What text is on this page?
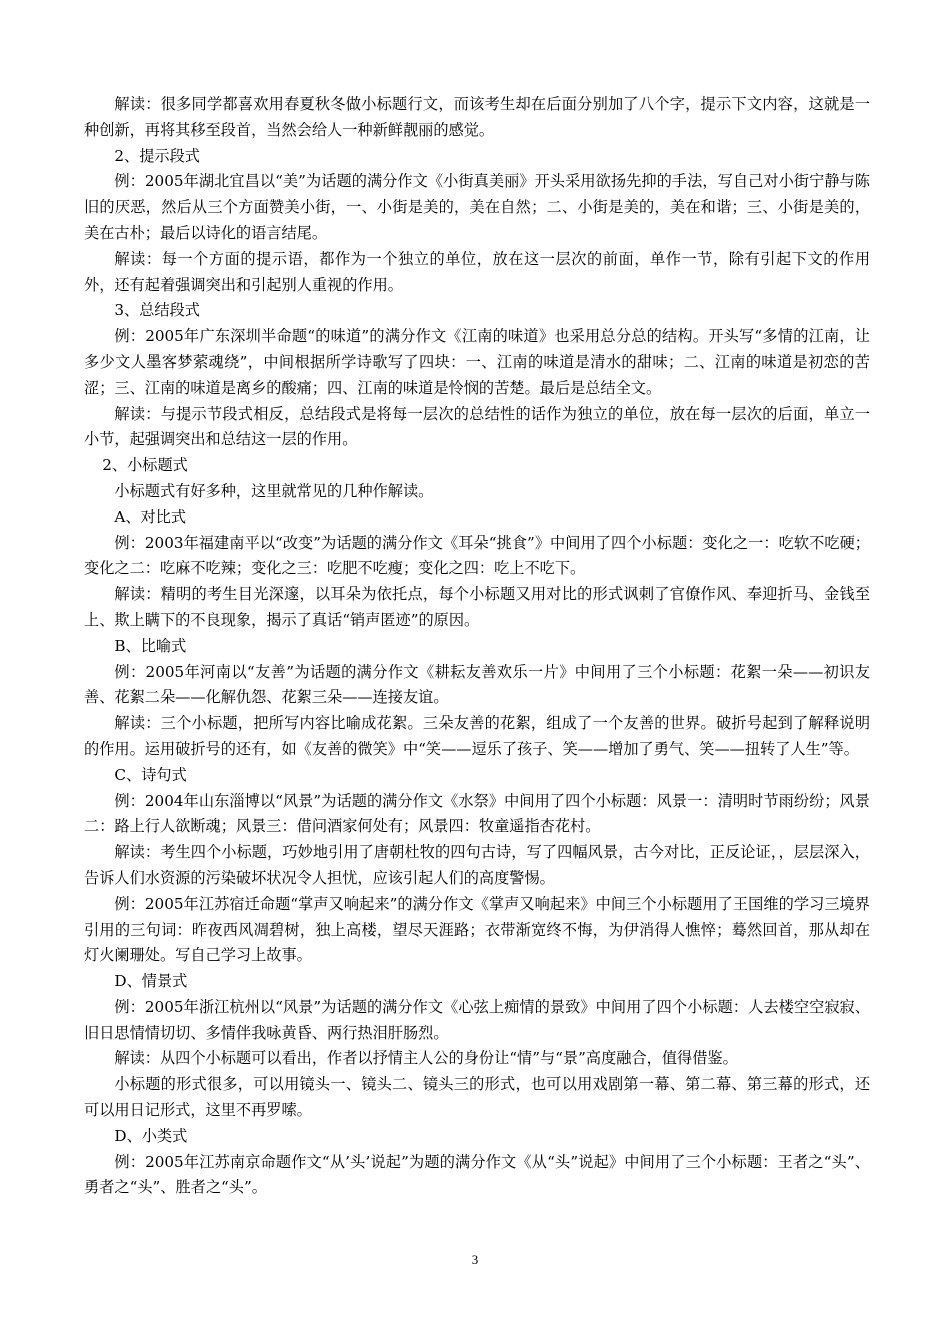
解读：很多同学都喜欢用春夏秋冬做小标题行文，而该考生却在后面分别加了八个字，提示下文内容，这就是一种创新，再将其移至段首，当然会给人一种新鲜靓丽的感觉。

2、提示段式

例：2005年湖北宜昌以“美”为话题的满分作文《小街真美丽》开头采用欲扬先抑的手法，写自己对小街宁静与陈旧的厌恶，然后从三个方面赞美小街，一、小街是美的，美在自然；二、小街是美的，美在和谐；三、小街是美的，美在古朴；最后以诗化的语言结尾。

解读：每一个方面的提示语，都作为一个独立的单位，放在这一层次的前面，单作一节，除有引起下文的作用外，还有起着强调突出和引起别人重视的作用。

3、总结段式

例：2005年广东深圳半命题“的味道”的满分作文《江南的味道》也采用总分总的结构。开头写“多情的江南，让多少文人墨客梦萦魂绕”，中间根据所学诗歌写了四块：一、江南的味道是清水的甜味；二、江南的味道是初恋的苦涩；三、江南的味道是离乡的酸痛；四、江南的味道是怜悯的苦楚。最后是总结全文。

解读：与提示节段式相反，总结段式是将每一层次的总结性的话作为独立的单位，放在每一层次的后面，单立一小节，起强调突出和总结这一层的作用。

2、小标题式

小标题式有好多种，这里就常见的几种作解读。

A、对比式

例：2003年福建南平以“改变”为话题的满分作文《耳朵“挑食”》中间用了四个小标题：变化之一：吃软不吃硬；变化之二：吃麻不吃辣；变化之三：吃肥不吃瘦；变化之四：吃上不吃下。

解读：精明的考生目光深邃，以耳朵为依托点，每个小标题又用对比的形式讽刺了官僚作风、奉迎折马、金钱至上、欺上瞒下的不良现象，揭示了真话“销声匿迹”的原因。

B、比喻式

例：2005年河南以“友善”为话题的满分作文《耕耘友善欢乐一片》中间用了三个小标题：花絮一朵——初识友善、花絮二朵——化解仇怨、花絮三朵——连接友谊。

解读：三个小标题，把所写内容比喻成花絮。三朵友善的花絮，组成了一个友善的世界。破折号起到了解释说明的作用。运用破折号的还有，如《友善的微笑》中“笑——逗乐了孩子、笑——增加了勇气、笑——扭转了人生”等。

C、诗句式

例：2004年山东淄博以“风景”为话题的满分作文《水祭》中间用了四个小标题：风景一：清明时节雨纷纷；风景二：路上行人欲断魂；风景三：借问酒家何处有；风景四：牧童遥指杏花村。

解读：考生四个小标题，巧妙地引用了唐朝杜牧的四句古诗，写了四幅风景，古今对比，正反论证，，层层深入，告诉人们水资源的污染破坏状况令人担忧，应该引起人们的高度警惕。

例：2005年江苏宿迁命题“掌声又响起来”的满分作文《掌声又响起来》中间三个小标题用了王国维的学习三境界引用的三句词：昨夜西风凋碧树，独上高楼，望尽天涯路；衣带渐宽终不悔，为伊消得人憔悴；蓦然回首，那从却在灯火阑珊处。写自己学习上故事。

D、情景式

例：2005年浙江杭州以“风景”为话题的满分作文《心弦上痴情的景致》中间用了四个小标题：人去楼空空寂寂、旧日思情情切切、多情伴我咏黄昏、两行热泪肝肠烈。

解读：从四个小标题可以看出，作者以抒情主人公的身份让“情”与“景”高度融合，值得借鉴。

小标题的形式很多，可以用镜头一、镜头二、镜头三的形式，也可以用戏剧第一幕、第二幕、第三幕的形式，还可以用日记形式，这里不再罗嗦。

D、小类式

例：2005年江苏南京命题作文“从’头’说起”为题的满分作文《从“头”说起》中间用了三个小标题：王者之“头”、勇者之“头”、胜者之“头”。

3
